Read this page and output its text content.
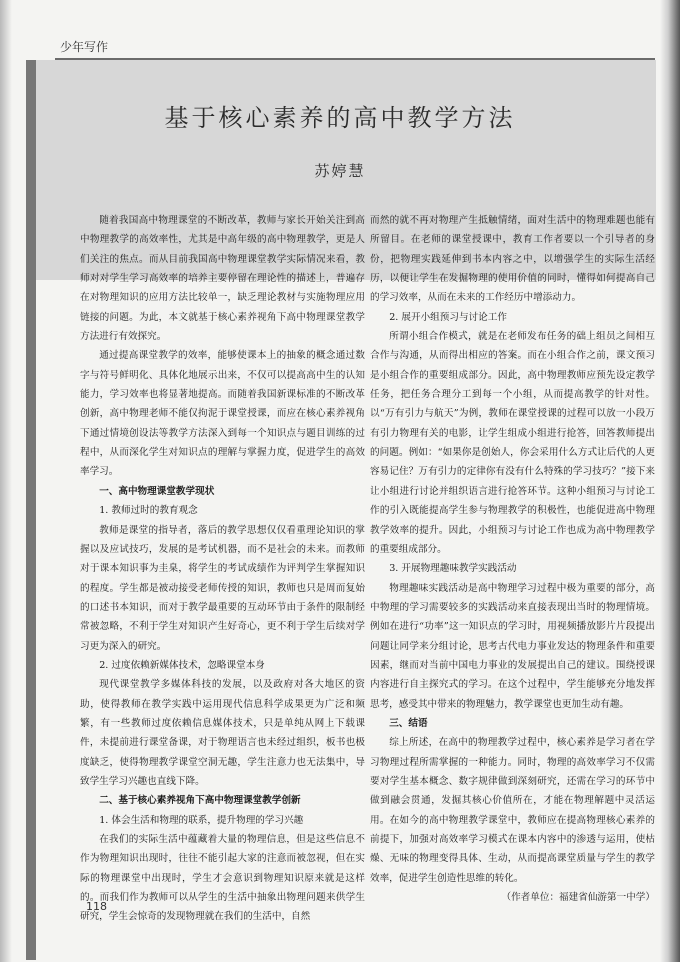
少年写作
基于核心素养的高中教学方法
苏婷慧

随着我国高中物理课堂的不断改革，教师与家长开始关注到高中物理教学的高效率性，尤其是中高年级的高中物理教学，更是人们关注的焦点。而从目前我国高中物理课堂教学实际情况来看，教师对对学生学习高效率的培养主要停留在理论性的描述上，普遍存在对物理知识的应用方法比较单一，缺乏理论教材与实施物理应用链接的问题。为此，本文就基于核心素养视角下高中物理课堂教学方法进行有效探究。

通过提高课堂教学的效率，能够使课本上的抽象的概念通过数字与符号鲜明化、具体化地展示出来，不仅可以提高高中生的认知能力，学习效率也将显著地提高。而随着我国新课标准的不断改革创新，高中物理老师不能仅拘泥于课堂授课，而应在核心素养视角下通过情境创设法等教学方法深入到每一个知识点与题目训练的过程中，从而深化学生对知识点的理解与掌握力度，促进学生的高效率学习。

一、高中物理课堂教学现状
1. 教师过时的教育观念

教师是课堂的指导者，落后的教学思想仅仅看重理论知识的掌握以及应试技巧，发展的是考试机器，而不是社会的未来。而教师对于课本知识事为圭臬，将学生的考试成绩作为评判学生掌握知识的程度。学生都是被动接受老师传授的知识，教师也只是周而复始的口述书本知识，而对于教学最重要的互动环节由于条件的限制经常被忽略，不利于学生对知识产生好奇心，更不利于学生后续对学习更为深入的研究。

2. 过度依赖新媒体技术，忽略课堂本身

现代课堂教学多媒体科技的发展，以及政府对各大地区的资助，使得教师在教学实践中运用现代信息科学成果更为广泛和频繁，有一些教师过度依赖信息媒体技术，只是单纯从网上下载课件，未提前进行课堂备课，对于物理语言也未经过组织，板书也极度缺乏，使得物理教学课堂空洞无趣，学生注意力也无法集中，导致学生学习兴趣也直线下降。

二、基于核心素养视角下高中物理课堂教学创新
1. 体会生活和物理的联系，提升物理的学习兴趣

在我们的实际生活中蕴藏着大量的物理信息，但是这些信息不作为物理知识出现时，往往不能引起大家的注意而被忽视，但在实际的物理课堂中出现时，学生才会意识到物理知识原来就是这样的。而我们作为教师可以从学生的生活中抽象出物理问题来供学生研究，学生会惊奇的发现物理就在我们的生活中，自然

而然的就不再对物理产生抵触情绪，面对生活中的物理难题也能有所留目。在老师的课堂授课中，教育工作者要以一个引导者的身份，把物理实践延伸到书本内容之中，以增强学生的实际生活经历，以便让学生在发掘物理的使用价值的同时，懂得如何提高自己的学习效率，从而在未来的工作经历中增添动力。

2. 展开小组预习与讨论工作

所谓小组合作模式，就是在老师发布任务的础上组员之间相互合作与沟通，从而得出相应的答案。而在小组合作之前，课文预习是小组合作的重要组成部分。因此，高中物理教师应预先设定教学任务，把任务合理分工到每一个小组，从而提高教学的针对性。以“万有引力与航天”为例，教师在课堂授课的过程可以放一小段万有引力物理有关的电影，让学生组成小组进行抢答，回答教师提出的问题。例如：“如果你是创始人，你会采用什么方式让后代的人更容易记住？万有引力的定律你有没有什么特殊的学习技巧？”接下来让小组进行讨论并组织语言进行抢答环节。这种小组预习与讨论工作的引入既能提高学生参与物理教学的积极性，也能促进高中物理教学效率的提升。因此，小组预习与讨论工作也成为高中物理教学的重要组成部分。

3. 开展物理趣味教学实践活动

物理趣味实践活动是高中物理学习过程中极为重要的部分，高中物理的学习需要较多的实践活动来直接表现出当时的物理情境。例如在进行“功率”这一知识点的学习时，用视频播放影片片段提出问题让同学来分组讨论，思考古代电力事业发达的物理条件和重要因素，继而对当前中国电力事业的发展提出自己的建议。围绕授课内容进行自主探究式的学习。在这个过程中，学生能够充分地发挥思考，感受其中带来的物理魅力，教学课堂也更加生动有趣。

三、结语

综上所述，在高中的物理教学过程中，核心素养是学习者在学习物理过程所需掌握的一种能力。同时，物理的高效率学习不仅需要对学生基本概念、数字规律做到深刻研究，还需在学习的环节中做到融会贯通，发掘其核心价值所在，才能在物理解题中灵活运用。在如今的高中物理教学课堂中，教师应在提高物理核心素养的前提下，加强对高效率学习模式在课本内容中的渗透与运用，使枯燥、无味的物理变得具体、生动，从而提高课堂质量与学生的教学效率，促进学生创造性思维的转化。

（作者单位：福建省仙游第一中学）
118
